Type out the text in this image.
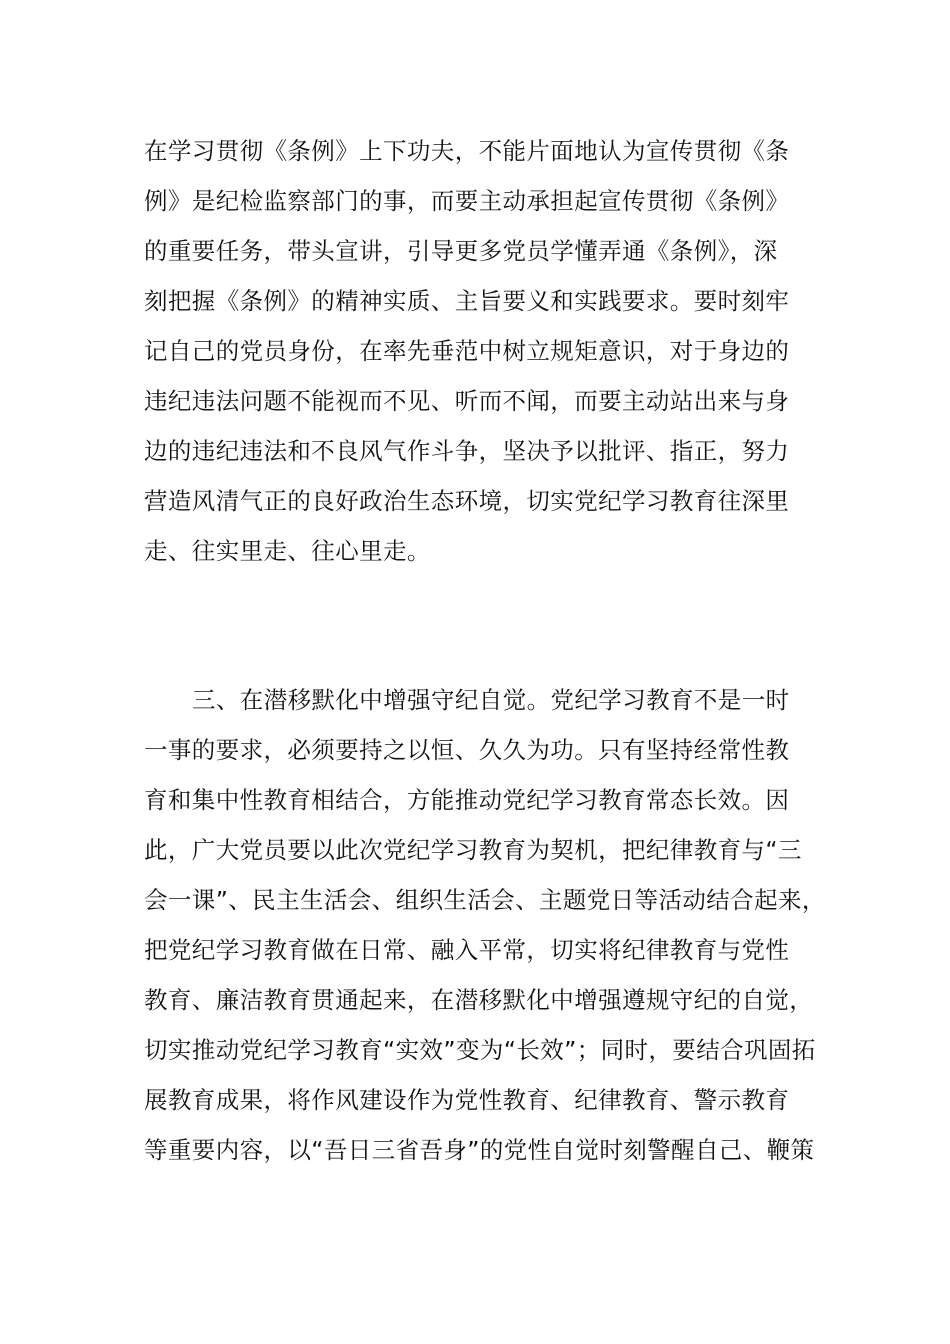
在学习贯彻《条例》上下功夫，不能片面地认为宣传贯彻《条
例》是纪检监察部门的事，而要主动承担起宣传贯彻《条例》
的重要任务，带头宣讲，引导更多党员学懂弄通《条例》，深
刻把握《条例》的精神实质、主旨要义和实践要求。要时刻牢
记自己的党员身份，在率先垂范中树立规矩意识，对于身边的
违纪违法问题不能视而不见、听而不闻，而要主动站出来与身
边的违纪违法和不良风气作斗争，坚决予以批评、指正，努力
营造风清气正的良好政治生态环境，切实党纪学习教育往深里
走、往实里走、往心里走。
三、在潜移默化中增强守纪自觉。党纪学习教育不是一时
一事的要求，必须要持之以恒、久久为功。只有坚持经常性教
育和集中性教育相结合，方能推动党纪学习教育常态长效。因
此，广大党员要以此次党纪学习教育为契机，把纪律教育与“三
会一课”、民主生活会、组织生活会、主题党日等活动结合起来，
把党纪学习教育做在日常、融入平常，切实将纪律教育与党性
教育、廉洁教育贯通起来，在潜移默化中增强遵规守纪的自觉，
切实推动党纪学习教育“实效”变为“长效”；同时，要结合巩固拓
展教育成果，将作风建设作为党性教育、纪律教育、警示教育
等重要内容，以“吾日三省吾身”的党性自觉时刻警醒自己、鞭策
